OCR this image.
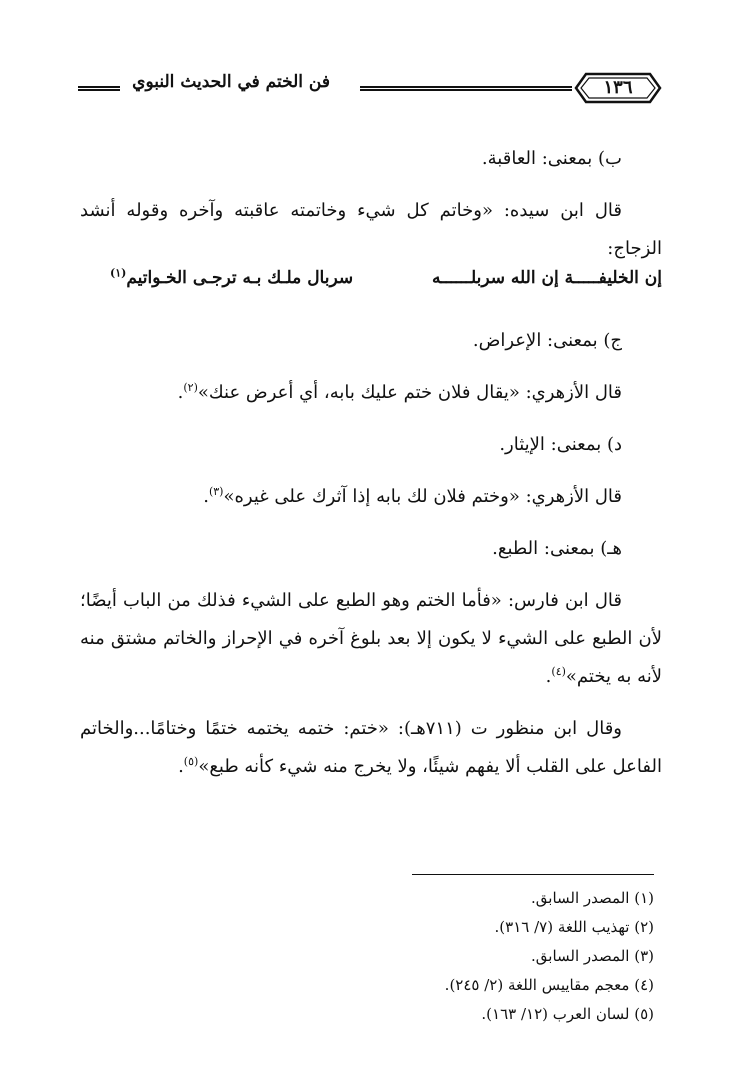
فن الختم في الحديث النبوي	١٣٦

ب) بمعنى: العاقبة.

قال ابن سيده: «وخاتم كل شيء وخاتمته عاقبته وآخره وقوله أنشد الزجاج:

إن الخليفـــــة إن الله سربلــــــه
سربال ملـك بـه ترجـى الخـواتيم$^{(١)}$

ج) بمعنى: الإعراض.

قال الأزهري: «يقال فلان ختم عليك بابه، أي أعرض عنك»$^{(٢)}$.

د) بمعنى: الإيثار.

قال الأزهري: «وختم فلان لك بابه إذا آثرك على غيره»$^{(٣)}$.

هـ) بمعنى: الطبع.

قال ابن فارس: «فأما الختم وهو الطبع على الشيء فذلك من الباب أيضًا؛ لأن الطبع على الشيء لا يكون إلا بعد بلوغ آخره في الإحراز والخاتم مشتق منه لأنه به يختم»$^{(٤)}$.

وقال ابن منظور ت (٧١١هـ): «ختم: ختمه يختمه ختمًا وختامًا...والخاتم الفاعل على القلب ألا يفهم شيئًا، ولا يخرج منه شيء كأنه طبع»$^{(٥)}$.

(١) المصدر السابق.

(٢) تهذيب اللغة (٧/ ٣١٦).

(٣) المصدر السابق.

(٤) معجم مقاييس اللغة (٢/ ٢٤٥).

(٥) لسان العرب (١٢/ ١٦٣).
